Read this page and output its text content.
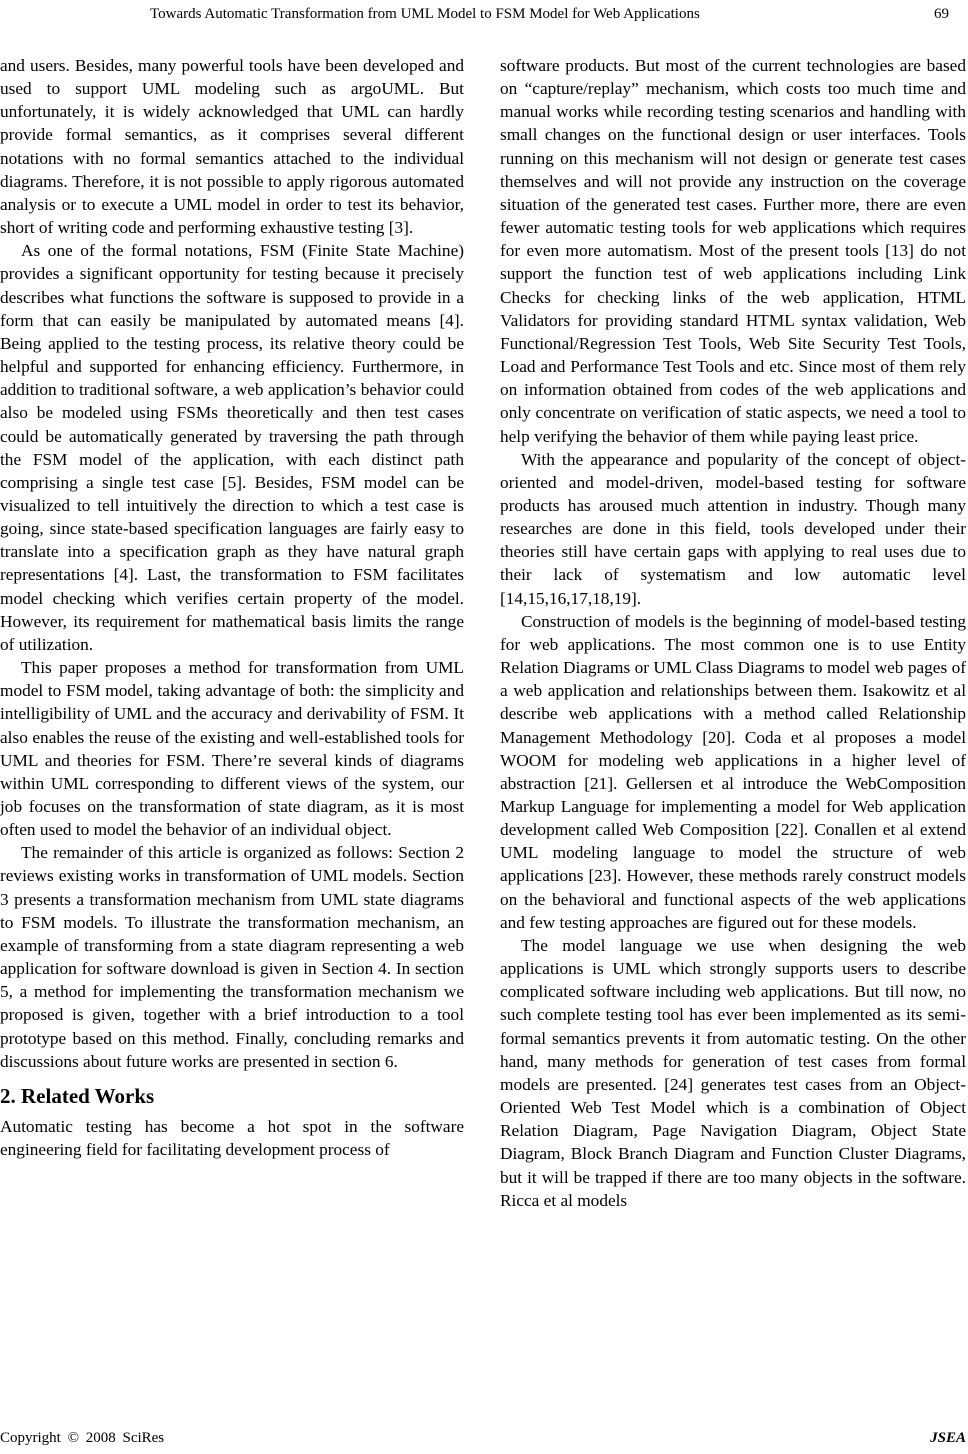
Towards Automatic Transformation from UML Model to FSM Model for Web Applications	69

and users. Besides, many powerful tools have been developed and used to support UML modeling such as argoUML. But unfortunately, it is widely acknowledged that UML can hardly provide formal semantics, as it comprises several different notations with no formal semantics attached to the individual diagrams. Therefore, it is not possible to apply rigorous automated analysis or to execute a UML model in order to test its behavior, short of writing code and performing exhaustive testing [3].

As one of the formal notations, FSM (Finite State Machine) provides a significant opportunity for testing because it precisely describes what functions the software is supposed to provide in a form that can easily be manipulated by automated means [4]. Being applied to the testing process, its relative theory could be helpful and supported for enhancing efficiency. Furthermore, in addition to traditional software, a web application’s behavior could also be modeled using FSMs theoretically and then test cases could be automatically generated by traversing the path through the FSM model of the application, with each distinct path comprising a single test case [5]. Besides, FSM model can be visualized to tell intuitively the direction to which a test case is going, since state-based specification languages are fairly easy to translate into a specification graph as they have natural graph representations [4]. Last, the transformation to FSM facilitates model checking which verifies certain property of the model. However, its requirement for mathematical basis limits the range of utilization.

This paper proposes a method for transformation from UML model to FSM model, taking advantage of both: the simplicity and intelligibility of UML and the accuracy and derivability of FSM. It also enables the reuse of the existing and well-established tools for UML and theories for FSM. There’re several kinds of diagrams within UML corresponding to different views of the system, our job focuses on the transformation of state diagram, as it is most often used to model the behavior of an individual object.

The remainder of this article is organized as follows: Section 2 reviews existing works in transformation of UML models. Section 3 presents a transformation mechanism from UML state diagrams to FSM models. To illustrate the transformation mechanism, an example of transforming from a state diagram representing a web application for software download is given in Section 4. In section 5, a method for implementing the transformation mechanism we proposed is given, together with a brief introduction to a tool prototype based on this method. Finally, concluding remarks and discussions about future works are presented in section 6.

2. Related Works

Automatic testing has become a hot spot in the software engineering field for facilitating development process of

software products. But most of the current technologies are based on “capture/replay” mechanism, which costs too much time and manual works while recording testing scenarios and handling with small changes on the functional design or user interfaces. Tools running on this mechanism will not design or generate test cases themselves and will not provide any instruction on the coverage situation of the generated test cases. Further more, there are even fewer automatic testing tools for web applications which requires for even more automatism. Most of the present tools [13] do not support the function test of web applications including Link Checks for checking links of the web application, HTML Validators for providing standard HTML syntax validation, Web Functional/Regression Test Tools, Web Site Security Test Tools, Load and Performance Test Tools and etc. Since most of them rely on information obtained from codes of the web applications and only concentrate on verification of static aspects, we need a tool to help verifying the behavior of them while paying least price.

With the appearance and popularity of the concept of object-oriented and model-driven, model-based testing for software products has aroused much attention in industry. Though many researches are done in this field, tools developed under their theories still have certain gaps with applying to real uses due to their lack of systematism and low automatic level [14,15,16,17,18,19].

Construction of models is the beginning of model-based testing for web applications. The most common one is to use Entity Relation Diagrams or UML Class Diagrams to model web pages of a web application and relationships between them. Isakowitz et al describe web applications with a method called Relationship Management Methodology [20]. Coda et al proposes a model WOOM for modeling web applications in a higher level of abstraction [21]. Gellersen et al introduce the WebComposition Markup Language for implementing a model for Web application development called Web Composition [22]. Conallen et al extend UML modeling language to model the structure of web applications [23]. However, these methods rarely construct models on the behavioral and functional aspects of the web applications and few testing approaches are figured out for these models.

The model language we use when designing the web applications is UML which strongly supports users to describe complicated software including web applications. But till now, no such complete testing tool has ever been implemented as its semi-formal semantics prevents it from automatic testing. On the other hand, many methods for generation of test cases from formal models are presented. [24] generates test cases from an Object-Oriented Web Test Model which is a combination of Object Relation Diagram, Page Navigation Diagram, Object State Diagram, Block Branch Diagram and Function Cluster Diagrams, but it will be trapped if there are too many objects in the software. Ricca et al models

Copyright © 2008 SciRes	JSEA
